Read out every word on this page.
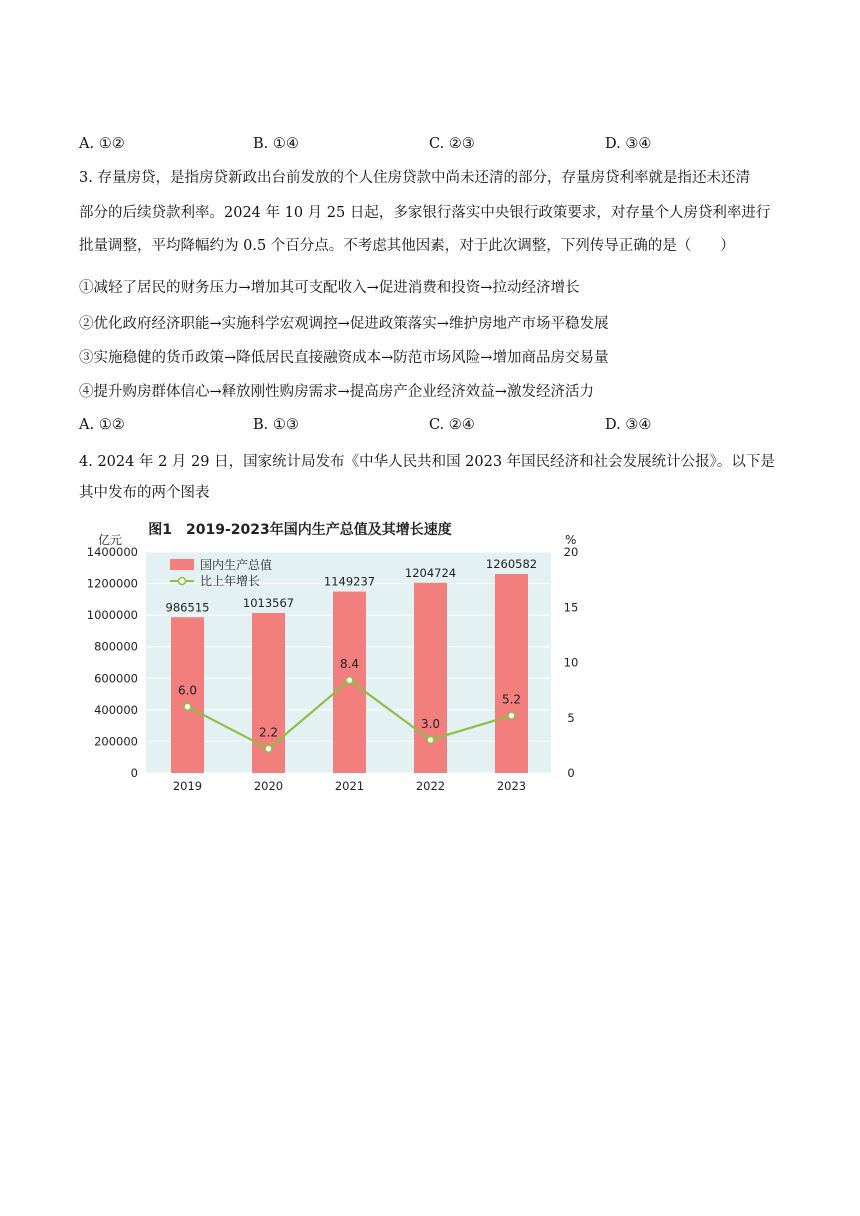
A. ①②	B. ①④	C. ②③	D. ③④
3. 存量房贷，是指房贷新政出台前发放的个人住房贷款中尚未还清的部分，存量房贷利率就是指还未还清
部分的后续贷款利率。2024 年 10 月 25 日起，多家银行落实中央银行政策要求，对存量个人房贷利率进行
批量调整，平均降幅约为 0.5 个百分点。不考虑其他因素，对于此次调整，下列传导正确的是（　　）
①减轻了居民的财务压力→增加其可支配收入→促进消费和投资→拉动经济增长
②优化政府经济职能→实施科学宏观调控→促进政策落实→维护房地产市场平稳发展
③实施稳健的货币政策→降低居民直接融资成本→防范市场风险→增加商品房交易量
④提升购房群体信心→释放刚性购房需求→提高房产企业经济效益→激发经济活力
A. ①②	B. ①③	C. ②④	D. ③④
4. 2024 年 2 月 29 日，国家统计局发布《中华人民共和国 2023 年国民经济和社会发展统计公报》。以下是
其中发布的两个图表
图1　2019-2023年国内生产总值及其增长速度
亿元	%
0
200000
400000
600000
800000
1000000
1200000
1400000
0
5
10
15
20
986515	1013567
1149237
1204724
1260582
6.0
2.2
8.4
3.0
5.2
2019	2020	2021	2022	2023
国内生产总值
比上年增长
